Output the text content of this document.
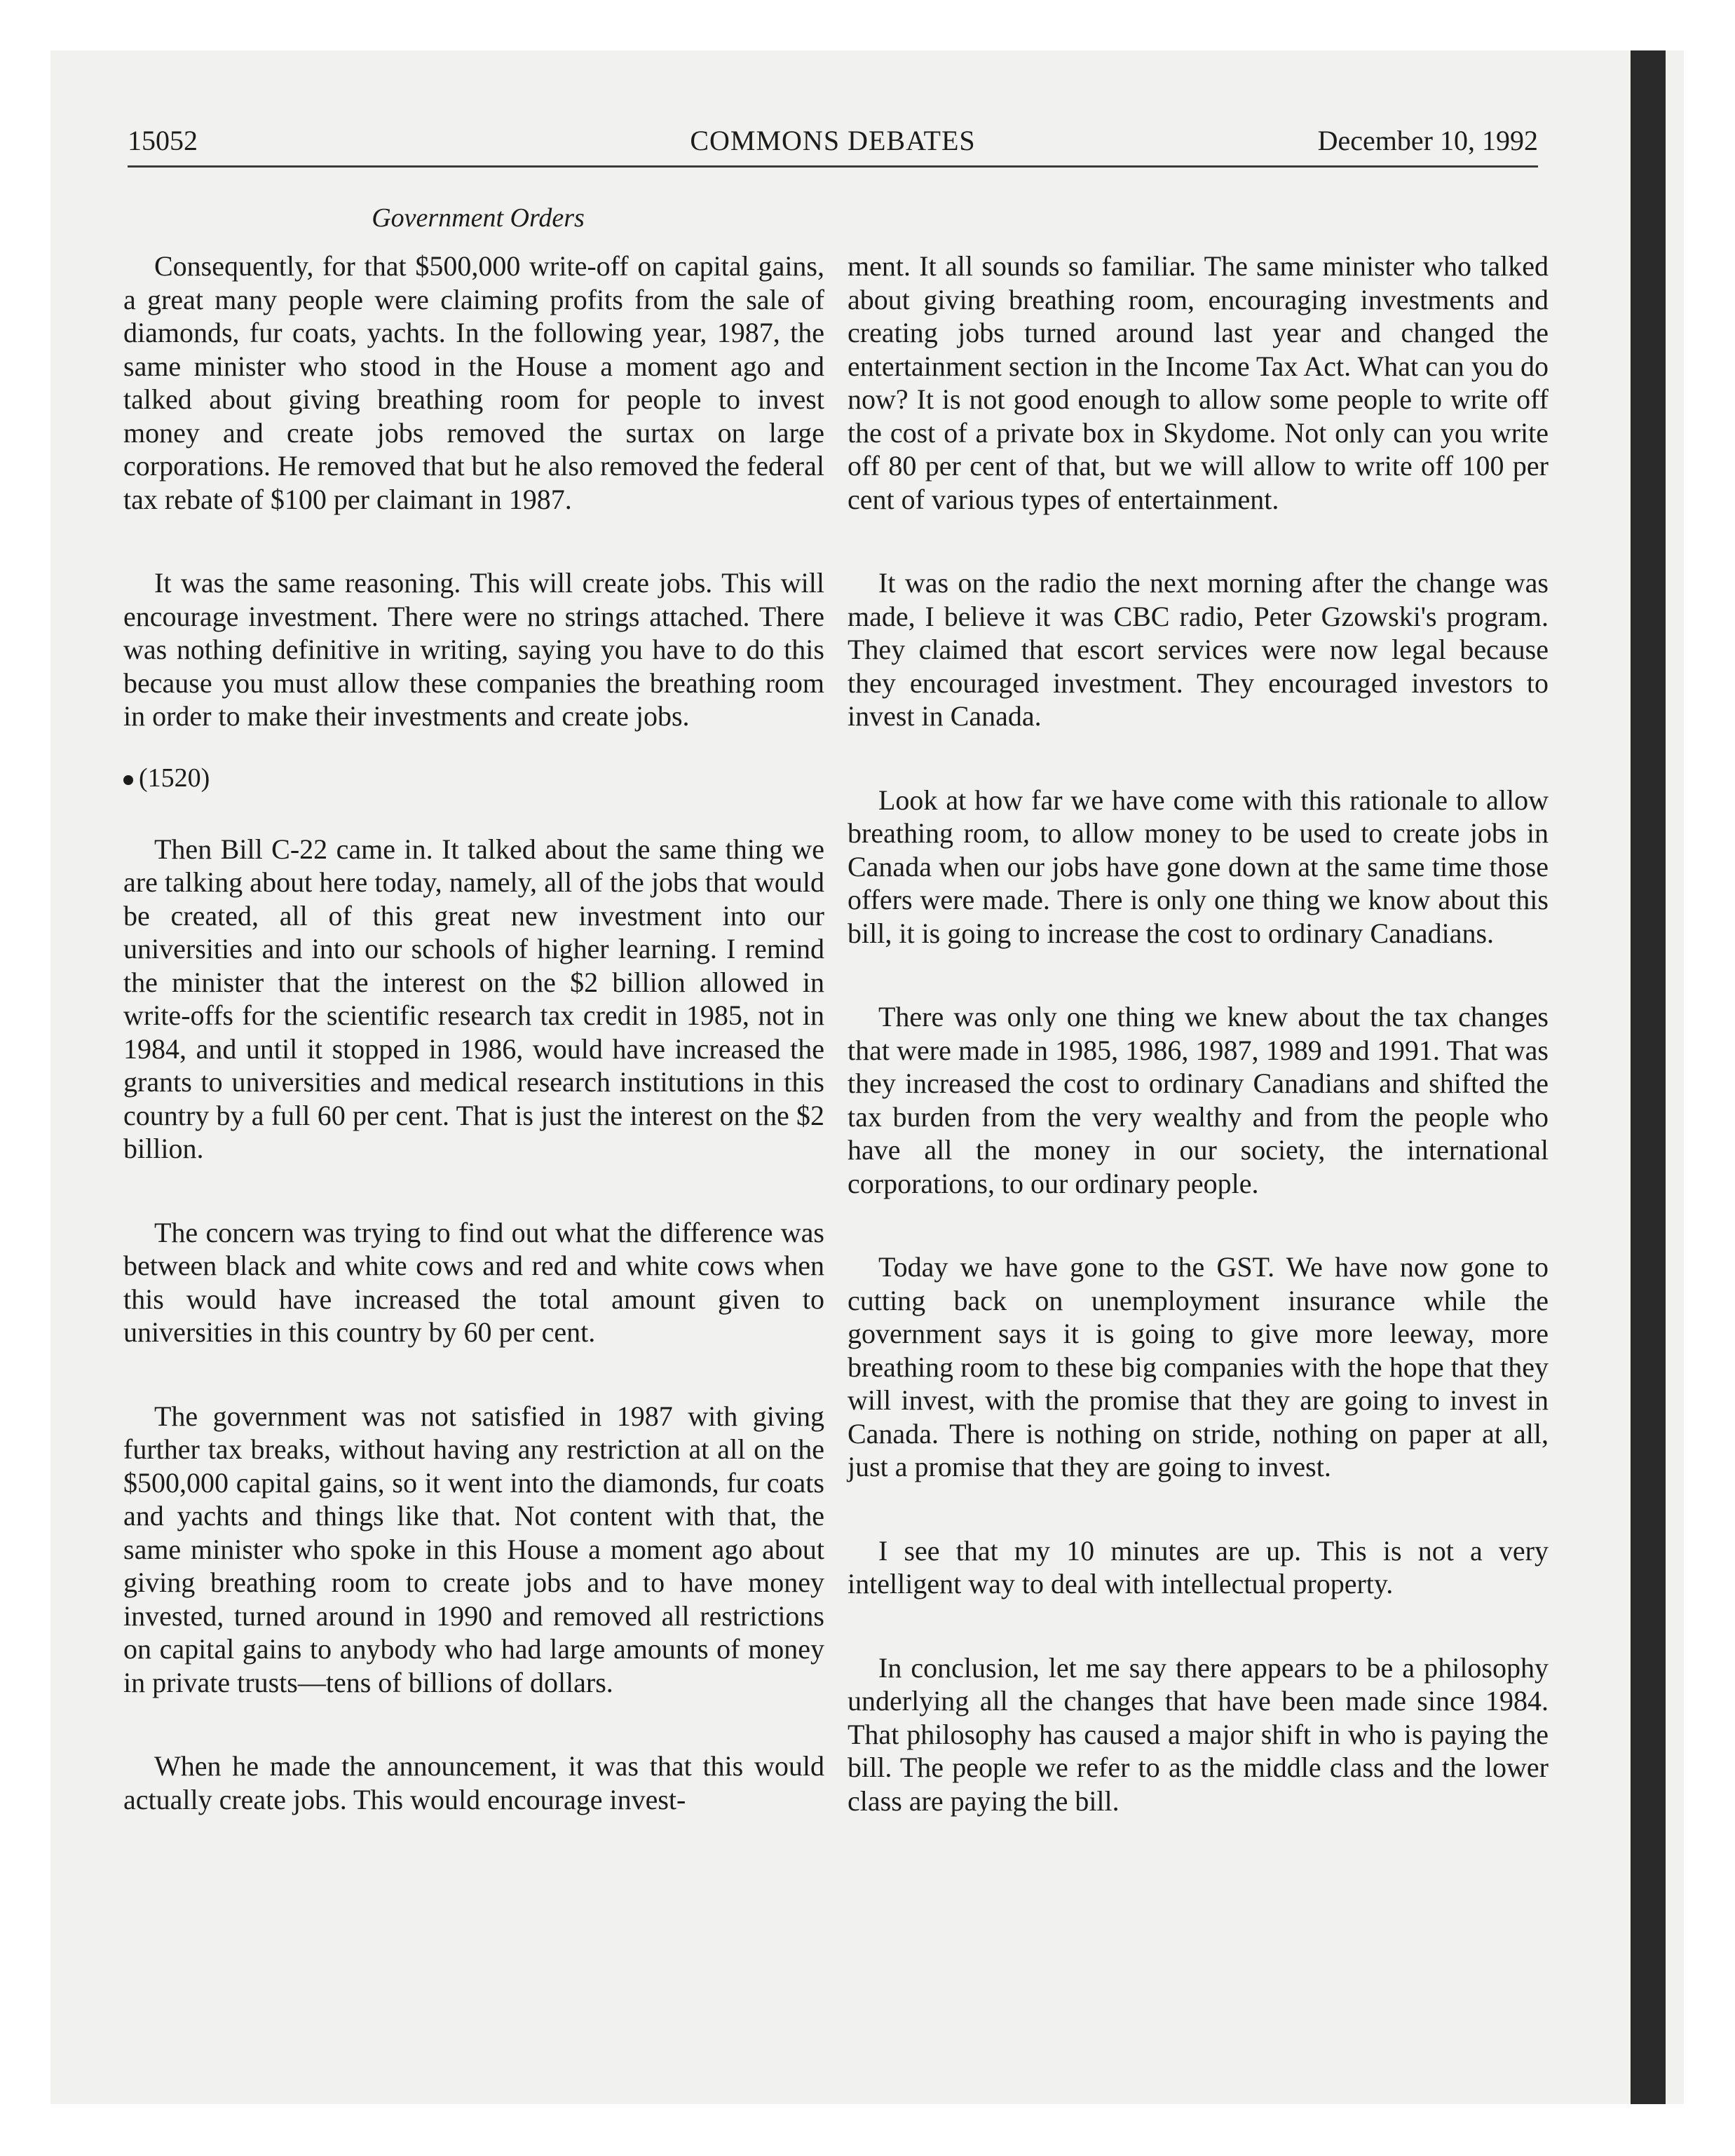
15052	COMMONS DEBATES	December 10, 1992
Government Orders

Consequently, for that $500,000 write-off on capital gains, a great many people were claiming profits from the sale of diamonds, fur coats, yachts. In the following year, 1987, the same minister who stood in the House a moment ago and talked about giving breathing room for people to invest money and create jobs removed the surtax on large corporations. He removed that but he also removed the federal tax rebate of $100 per claimant in 1987.

It was the same reasoning. This will create jobs. This will encourage investment. There were no strings attached. There was nothing definitive in writing, saying you have to do this because you must allow these companies the breathing room in order to make their investments and create jobs.

(1520)

Then Bill C-22 came in. It talked about the same thing we are talking about here today, namely, all of the jobs that would be created, all of this great new investment into our universities and into our schools of higher learning. I remind the minister that the interest on the $2 billion allowed in write-offs for the scientific research tax credit in 1985, not in 1984, and until it stopped in 1986, would have increased the grants to universities and medical research institutions in this country by a full 60 per cent. That is just the interest on the $2 billion.

The concern was trying to find out what the difference was between black and white cows and red and white cows when this would have increased the total amount given to universities in this country by 60 per cent.

The government was not satisfied in 1987 with giving further tax breaks, without having any restriction at all on the $500,000 capital gains, so it went into the diamonds, fur coats and yachts and things like that. Not content with that, the same minister who spoke in this House a moment ago about giving breathing room to create jobs and to have money invested, turned around in 1990 and removed all restrictions on capital gains to anybody who had large amounts of money in private trusts—tens of billions of dollars.

When he made the announcement, it was that this would actually create jobs. This would encourage invest-

ment. It all sounds so familiar. The same minister who talked about giving breathing room, encouraging investments and creating jobs turned around last year and changed the entertainment section in the Income Tax Act. What can you do now? It is not good enough to allow some people to write off the cost of a private box in Skydome. Not only can you write off 80 per cent of that, but we will allow to write off 100 per cent of various types of entertainment.

It was on the radio the next morning after the change was made, I believe it was CBC radio, Peter Gzowski's program. They claimed that escort services were now legal because they encouraged investment. They encouraged investors to invest in Canada.

Look at how far we have come with this rationale to allow breathing room, to allow money to be used to create jobs in Canada when our jobs have gone down at the same time those offers were made. There is only one thing we know about this bill, it is going to increase the cost to ordinary Canadians.

There was only one thing we knew about the tax changes that were made in 1985, 1986, 1987, 1989 and 1991. That was they increased the cost to ordinary Canadians and shifted the tax burden from the very wealthy and from the people who have all the money in our society, the international corporations, to our ordinary people.

Today we have gone to the GST. We have now gone to cutting back on unemployment insurance while the government says it is going to give more leeway, more breathing room to these big companies with the hope that they will invest, with the promise that they are going to invest in Canada. There is nothing on stride, nothing on paper at all, just a promise that they are going to invest.

I see that my 10 minutes are up. This is not a very intelligent way to deal with intellectual property.

In conclusion, let me say there appears to be a philosophy underlying all the changes that have been made since 1984. That philosophy has caused a major shift in who is paying the bill. The people we refer to as the middle class and the lower class are paying the bill.
